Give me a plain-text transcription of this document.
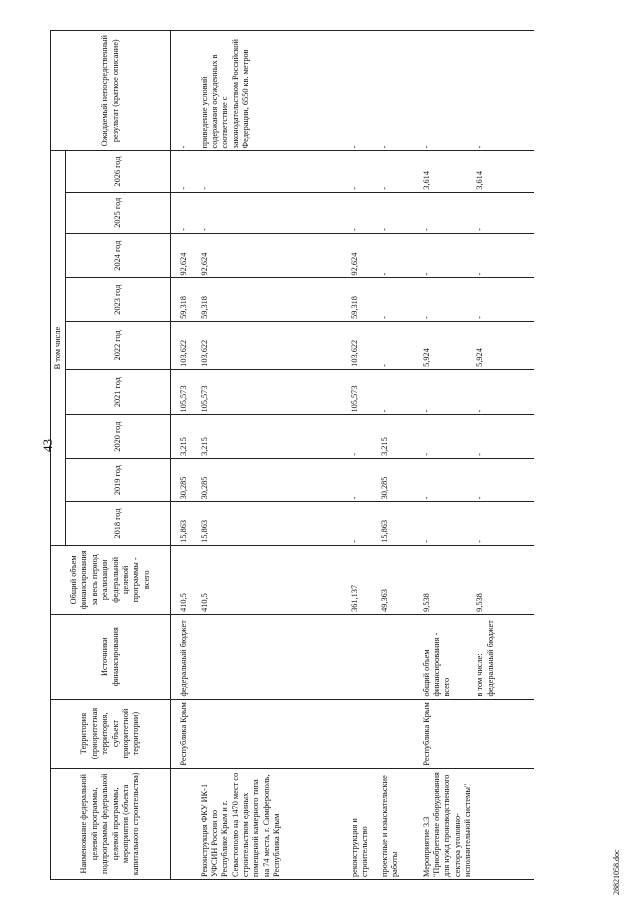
43
Наименование федеральной целевой программы, подпрограммы федеральной целевой программы, мероприятия (объекта капитального строительства)	Территория (приоритетная территория, субъект приоритетной территории)	Источники финансирования	Общий объем финансирования за весь период реализации федеральной целевой программы - всего	В том числе									Ожидаемый непосредственный результат (краткое описание)
				2018 год	2019 год	2020 год	2021 год	2022 год	2023 год	2024 год	2025 год	2026 год	
	Республика Крым	федеральный бюджет	410,5	15,863	30,285	3,215	105,573	103,622	59,318	92,624	-	-	-
Реконструкция ФКУ ИК-1 УФСИН России по Республике Крым и г. Севастополю на 1470 мест со строительством единых помещений камерного типа на 74 места, г. Симферополь, Республика Крым			410,5	15,863	30,285	3,215	105,573	103,622	59,318	92,624	-	-	приведение условий содержания осужденных в соответствие с законодательством Российской Федерации, 6550 кв. метров
реконструкция и строительство			361,137	-	-	-	105,573	103,622	59,318	92,624	-	-	-
проектные и изыскательские работы			49,363	15,863	30,285	3,215	-	-	-	-	-	-	-
Мероприятие 3.3 "Приобретение оборудования для нужд производственного сектора уголовно-исполнительной системы"	Республика Крым	общий объем финансирования - всего	9,538	-	-	-	-	5,924	-	-	-	3,614	-
		в том числе: федеральный бюджет	9,538	-	-	-	-	5,924	-	-	-	3,614	-
28821058.doc
